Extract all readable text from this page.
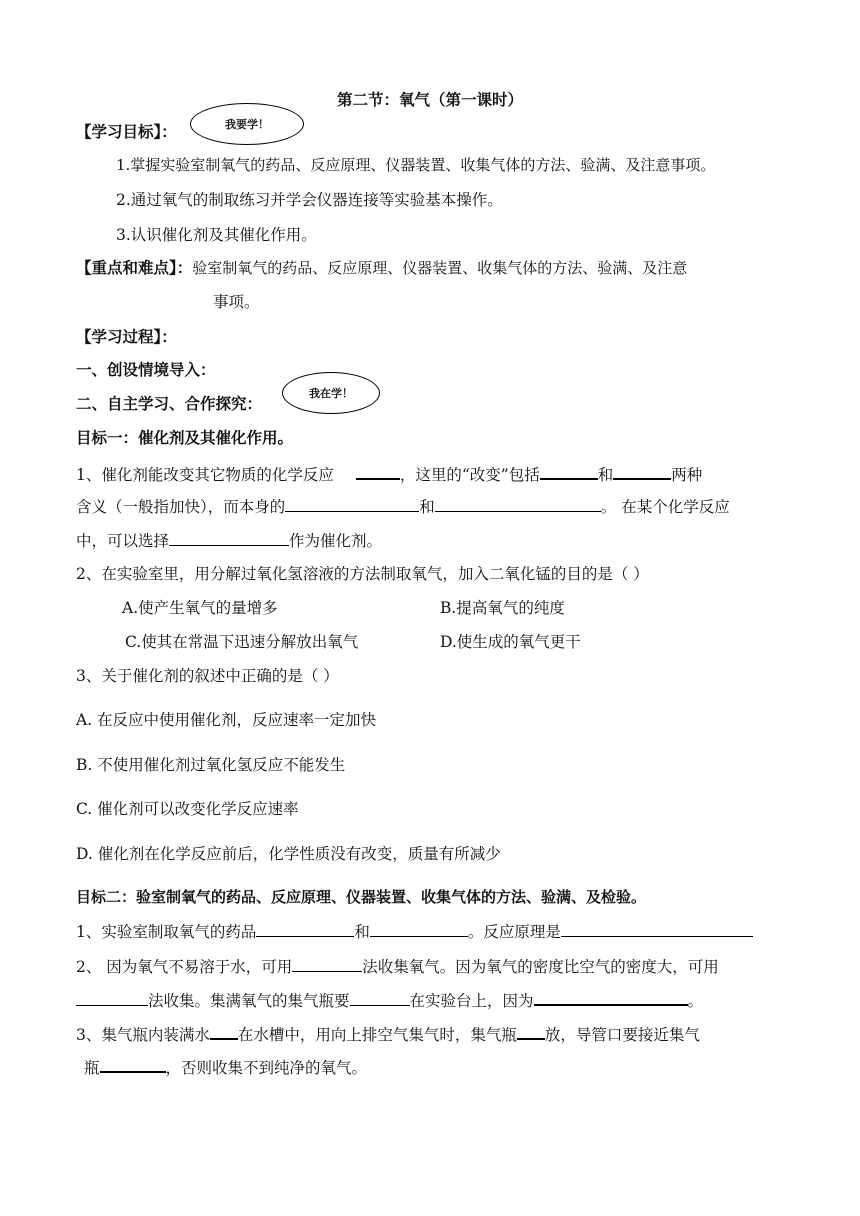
第二节：氧气（第一课时）
我要学！
我在学！
【学习目标】：
1.掌握实验室制氧气的药品、反应原理、仪器装置、收集气体的方法、验满、及注意事项。
2.通过氧气的制取练习并学会仪器连接等实验基本操作。
3.认识催化剂及其催化作用。
【重点和难点】：验室制氧气的药品、反应原理、仪器装置、收集气体的方法、验满、及注意
事项。
【学习过程】：
一、创设情境导入：
二、自主学习、合作探究：
目标一：催化剂及其催化作用。
1、催化剂能改变其它物质的化学反应	，这里的“改变”包括	和	两种
含义（一般指加快），而本身的	和	。 在某个化学反应
中，可以选择	作为催化剂。
2、在实验室里，用分解过氧化氢溶液的方法制取氧气，加入二氧化锰的目的是（ ）
A.使产生氧气的量增多	B.提高氧气的纯度
C.使其在常温下迅速分解放出氧气	D.使生成的氧气更干
3、关于催化剂的叙述中正确的是（ ）
A. 在反应中使用催化剂，反应速率一定加快
B. 不使用催化剂过氧化氢反应不能发生
C. 催化剂可以改变化学反应速率
D. 催化剂在化学反应前后，化学性质没有改变，质量有所减少
目标二：验室制氧气的药品、反应原理、仪器装置、收集气体的方法、验满、及检验。
1、实验室制取氧气的药品	和	。反应原理是
2、 因为氧气不易溶于水，可用	法收集氧气。因为氧气的密度比空气的密度大，可用
法收集。集满氧气的集气瓶要	在实验台上，因为	。
3、集气瓶内装满水 在水槽中，用向上排空气集气时，集气瓶 放，导管口要接近集气
瓶	，否则收集不到纯净的氧气。
